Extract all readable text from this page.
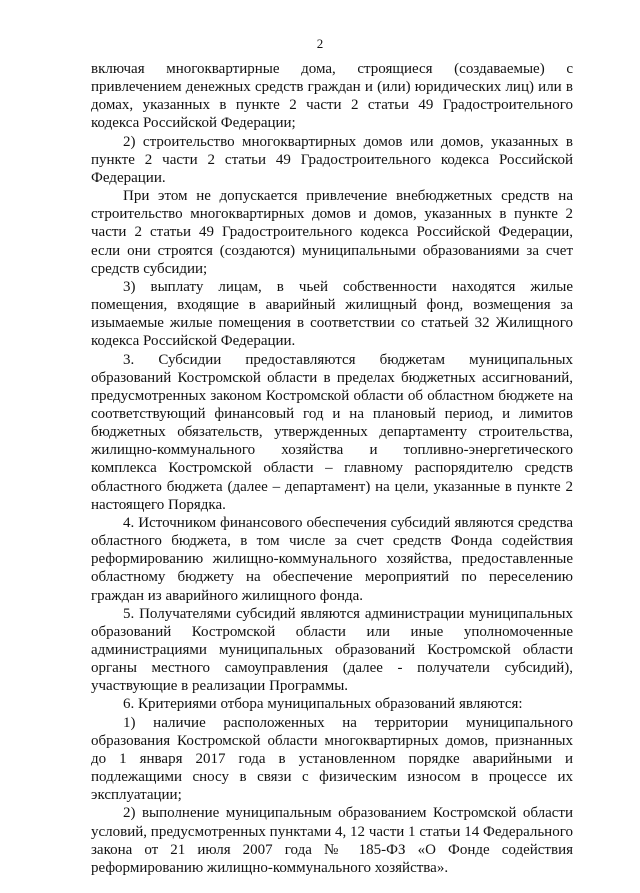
2

включая многоквартирные дома, строящиеся (создаваемые) с привлечением денежных средств граждан и (или) юридических лиц) или в домах, указанных в пункте 2 части 2 статьи 49 Градостроительного кодекса Российской Федерации;

2) строительство многоквартирных домов или домов, указанных в пункте 2 части 2 статьи 49 Градостроительного кодекса Российской Федерации.

При этом не допускается привлечение внебюджетных средств на строительство многоквартирных домов и домов, указанных в пункте 2 части 2 статьи 49 Градостроительного кодекса Российской Федерации, если они строятся (создаются) муниципальными образованиями за счет средств субсидии;

3) выплату лицам, в чьей собственности находятся жилые помещения, входящие в аварийный жилищный фонд, возмещения за изымаемые жилые помещения в соответствии со статьей 32 Жилищного кодекса Российской Федерации.

3. Субсидии предоставляются бюджетам муниципальных образований Костромской области в пределах бюджетных ассигнований, предусмотренных законом Костромской области об областном бюджете на соответствующий финансовый год и на плановый период, и лимитов бюджетных обязательств, утвержденных департаменту строительства, жилищно-коммунального хозяйства и топливно-энергетического комплекса Костромской области – главному распорядителю средств областного бюджета (далее – департамент) на цели, указанные в пункте 2 настоящего Порядка.

4. Источником финансового обеспечения субсидий являются средства областного бюджета, в том числе за счет средств Фонда содействия реформированию жилищно-коммунального хозяйства, предоставленные областному бюджету на обеспечение мероприятий по переселению граждан из аварийного жилищного фонда.

5. Получателями субсидий являются администрации муниципальных образований Костромской области или иные уполномоченные администрациями муниципальных образований Костромской области органы местного самоуправления (далее - получатели субсидий), участвующие в реализации Программы.

6. Критериями отбора муниципальных образований являются:

1) наличие расположенных на территории муниципального образования Костромской области многоквартирных домов, признанных до 1 января 2017 года в установленном порядке аварийными и подлежащими сносу в связи с физическим износом в процессе их эксплуатации;

2) выполнение муниципальным образованием Костромской области условий, предусмотренных пунктами 4, 12 части 1 статьи 14 Федерального закона от 21 июля 2007 года № 185-ФЗ «О Фонде содействия реформированию жилищно-коммунального хозяйства».
